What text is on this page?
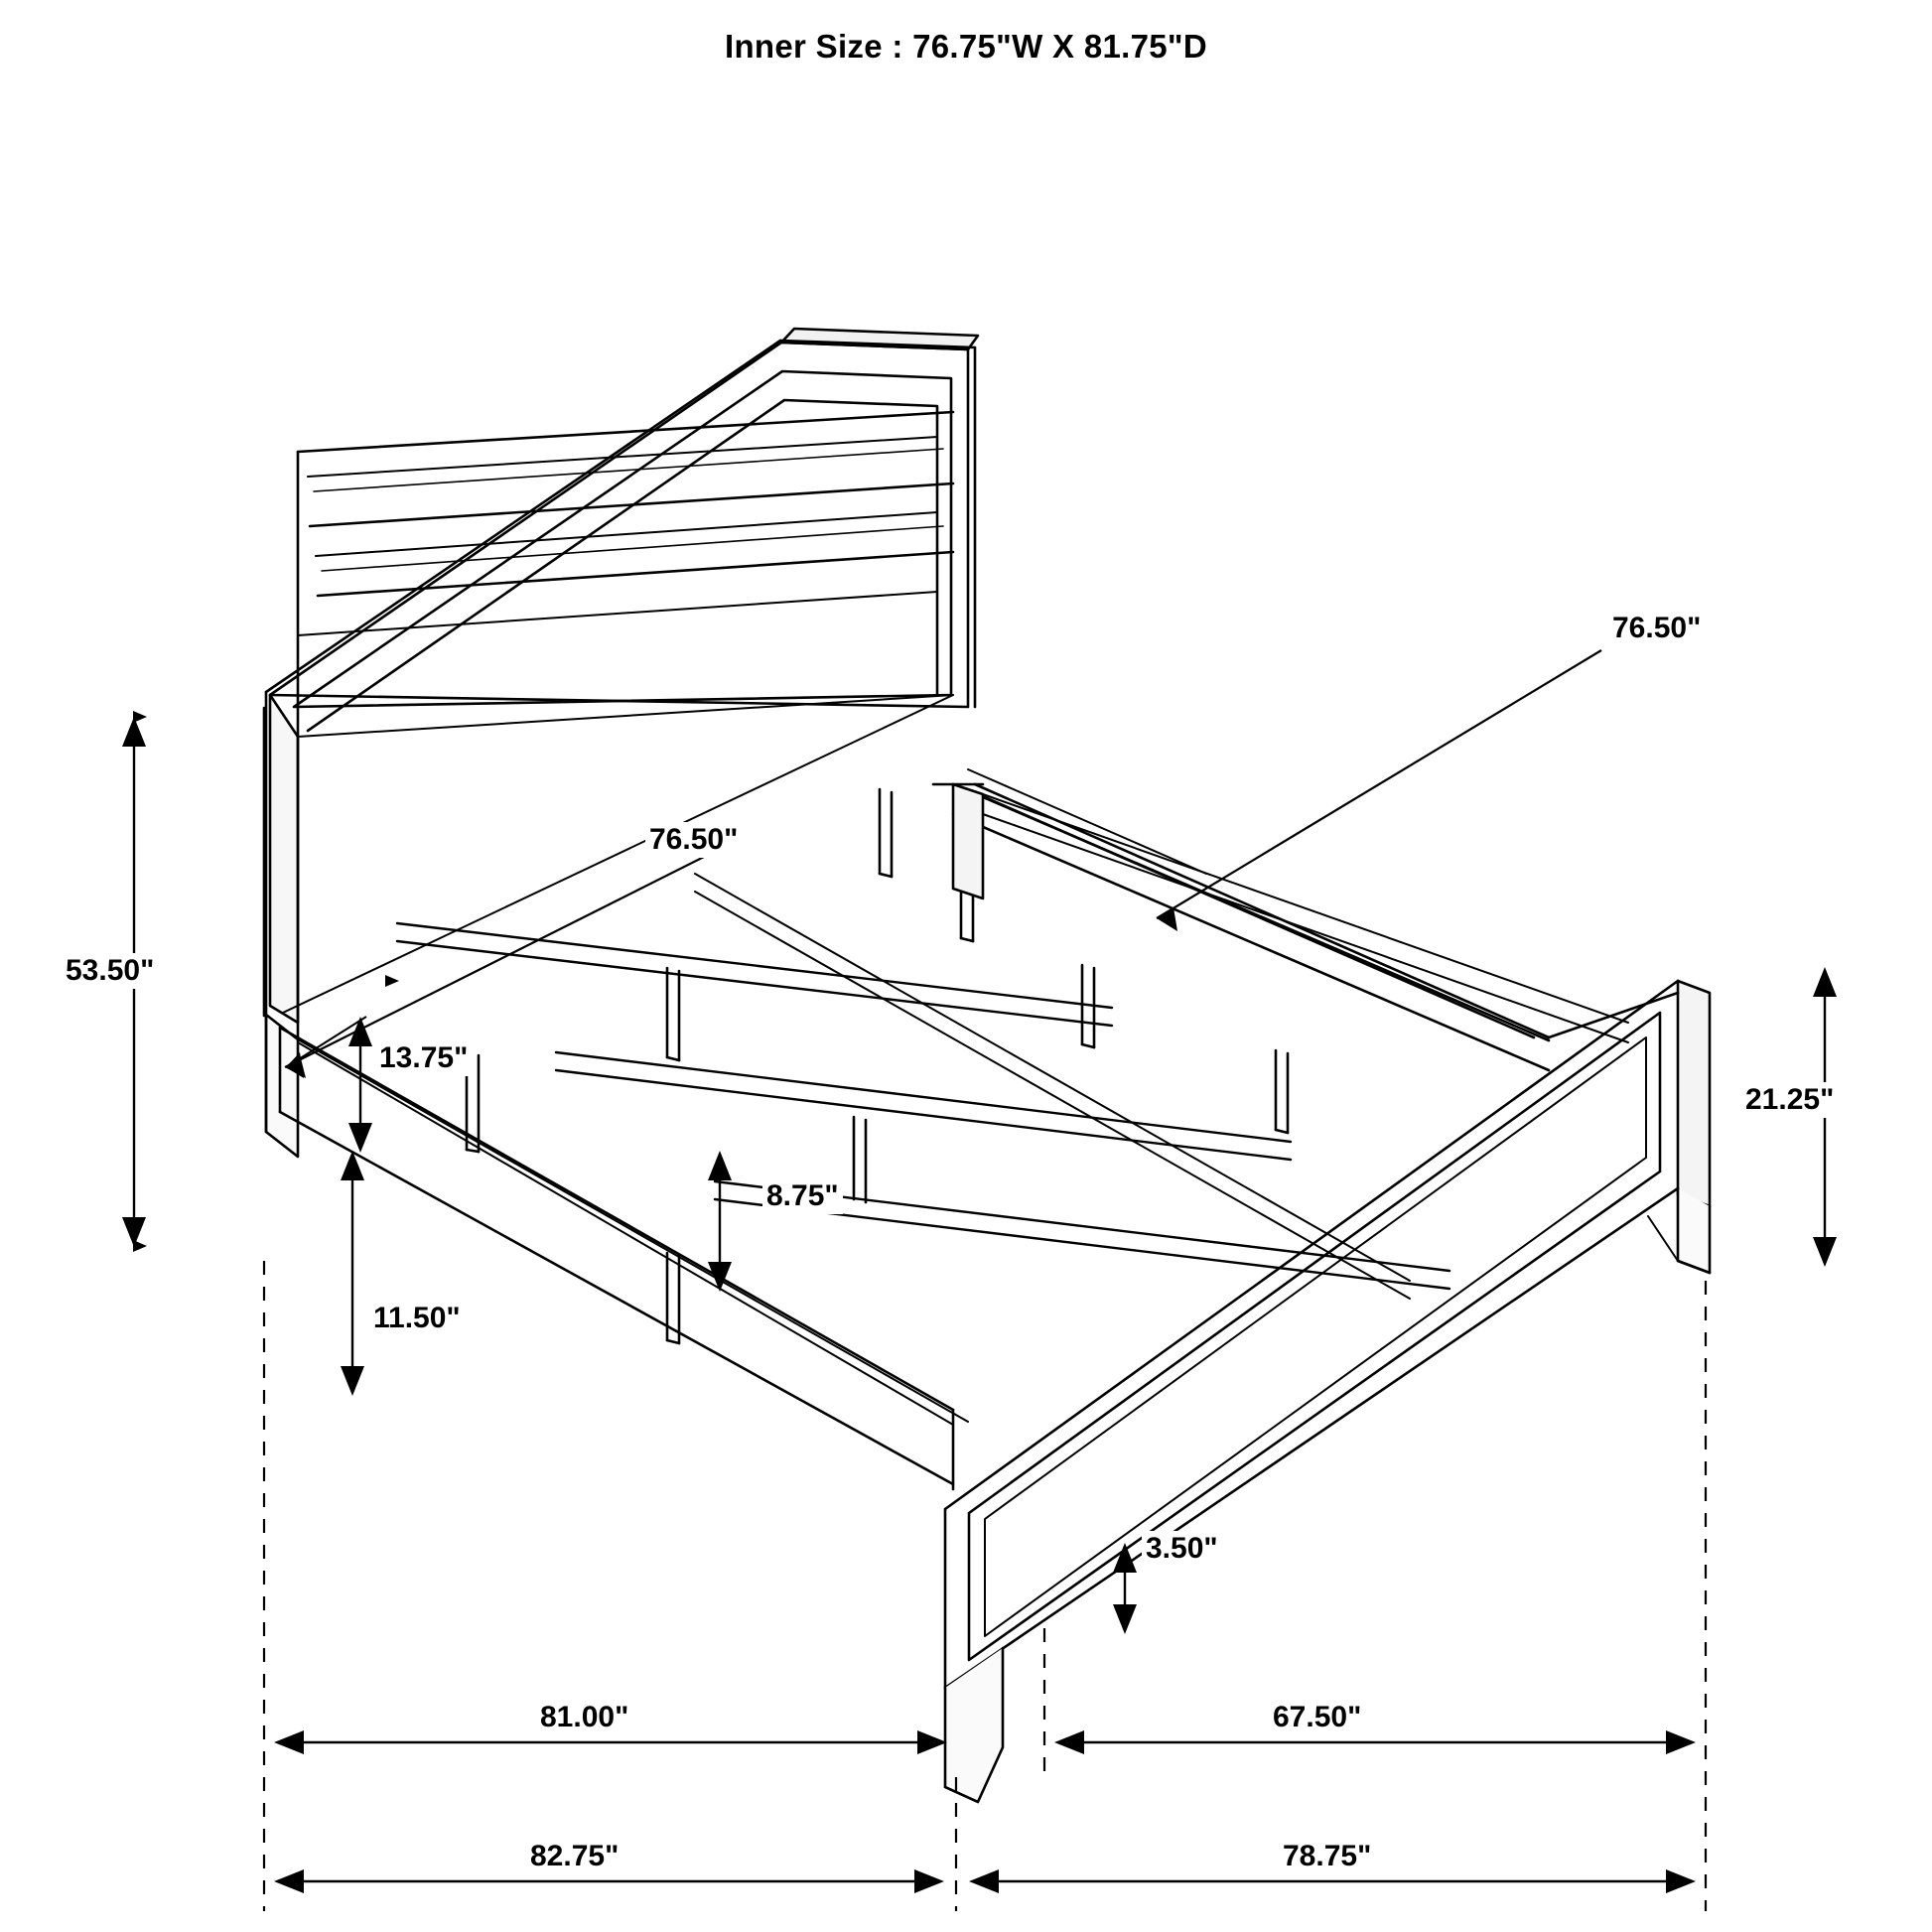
Inner Size : 76.75"W X 81.75"D
53.50"
76.50"
76.50"
13.75"
8.75"
11.50"
21.25"
3.50"
81.00"	67.50"
82.75"	78.75"
